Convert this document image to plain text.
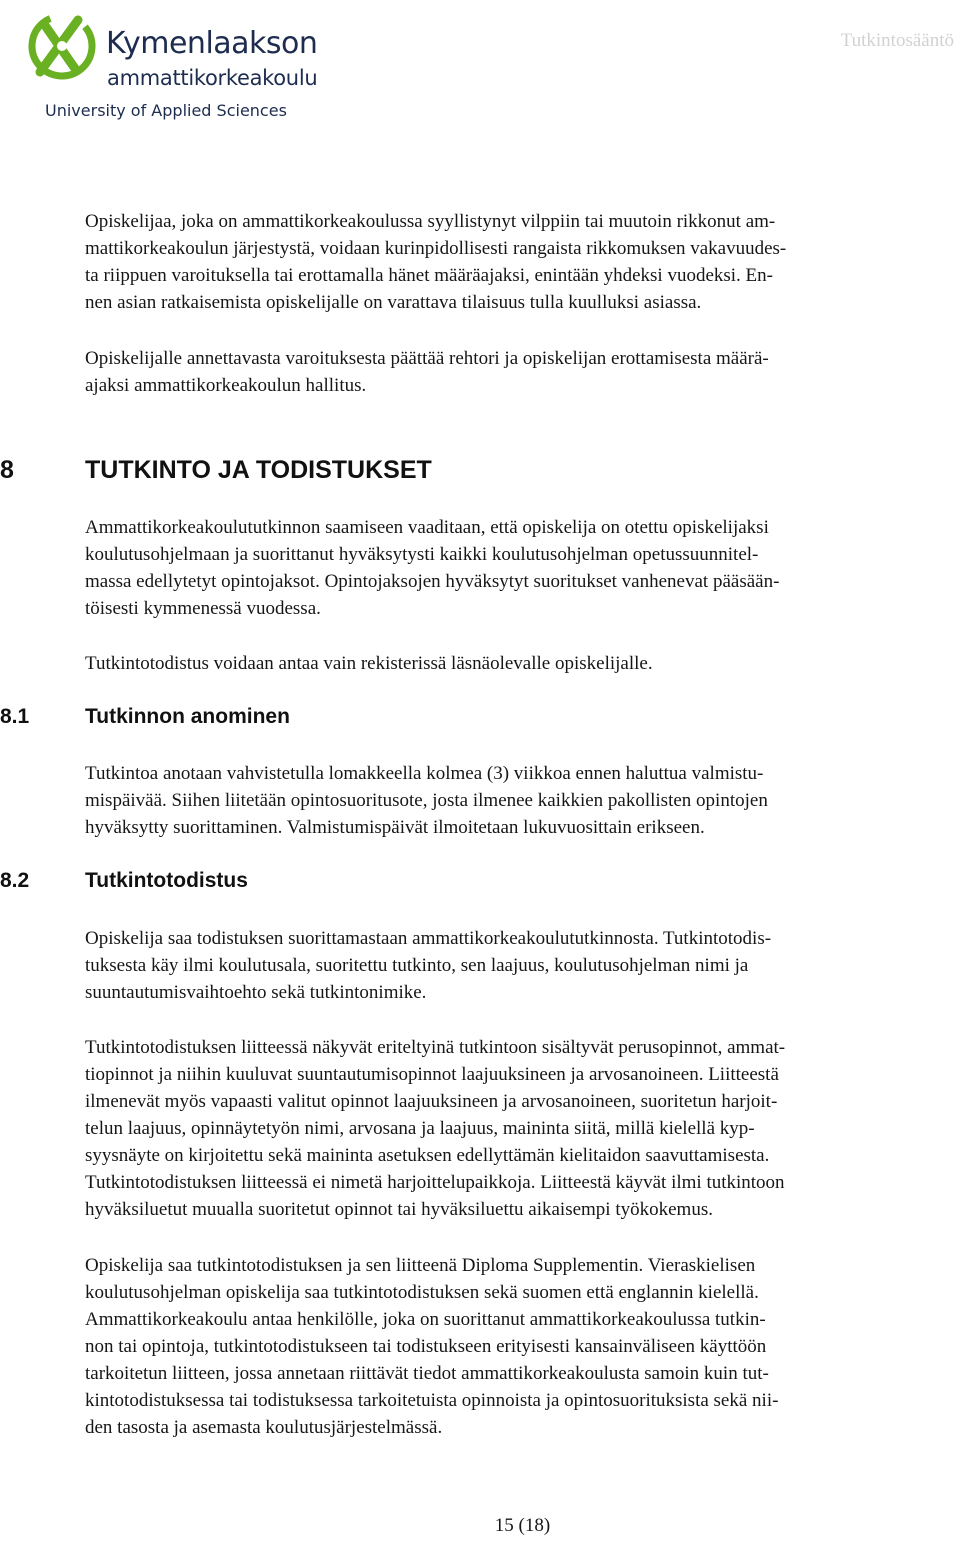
Kymenlaakson
ammattikorkeakoulu
University of Applied Sciences
Tutkintosääntö

Opiskelijaa, joka on ammattikorkeakoulussa syyllistynyt vilppiin tai muutoin rikkonut am-
mattikorkeakoulun järjestystä, voidaan kurinpidollisesti rangaista rikkomuksen vakavuudes-
ta riippuen varoituksella tai erottamalla hänet määräajaksi, enintään yhdeksi vuodeksi. En-
nen asian ratkaisemista opiskelijalle on varattava tilaisuus tulla kuulluksi asiassa.

Opiskelijalle annettavasta varoituksesta päättää rehtori ja opiskelijan erottamisesta määrä-
ajaksi ammattikorkeakoulun hallitus.

8	TUTKINTO JA TODISTUKSET

Ammattikorkeakoulututkinnon saamiseen vaaditaan, että opiskelija on otettu opiskelijaksi
koulutusohjelmaan ja suorittanut hyväksytysti kaikki koulutusohjelman opetussuunnitel-
massa edellytetyt opintojaksot. Opintojaksojen hyväksytyt suoritukset vanhenevat pääsään-
töisesti kymmenessä vuodessa.

Tutkintotodistus voidaan antaa vain rekisterissä läsnäolevalle opiskelijalle.

8.1	Tutkinnon anominen

Tutkintoa anotaan vahvistetulla lomakkeella kolmea (3) viikkoa ennen haluttua valmistu-
mispäivää. Siihen liitetään opintosuoritusote, josta ilmenee kaikkien pakollisten opintojen
hyväksytty suorittaminen. Valmistumispäivät ilmoitetaan lukuvuosittain erikseen.

8.2	Tutkintotodistus

Opiskelija saa todistuksen suorittamastaan ammattikorkeakoulututkinnosta. Tutkintotodis-
tuksesta käy ilmi koulutusala, suoritettu tutkinto, sen laajuus, koulutusohjelman nimi ja
suuntautumisvaihtoehto sekä tutkintonimike.

Tutkintotodistuksen liitteessä näkyvät eriteltyinä tutkintoon sisältyvät perusopinnot, ammat-
tiopinnot ja niihin kuuluvat suuntautumisopinnot laajuuksineen ja arvosanoineen. Liitteestä
ilmenevät myös vapaasti valitut opinnot laajuuksineen ja arvosanoineen, suoritetun harjoit-
telun laajuus, opinnäytetyön nimi, arvosana ja laajuus, maininta siitä, millä kielellä kyp-
syysnäyte on kirjoitettu sekä maininta asetuksen edellyttämän kielitaidon saavuttamisesta.
Tutkintotodistuksen liitteessä ei nimetä harjoittelupaikkoja. Liitteestä käyvät ilmi tutkintoon
hyväksiluetut muualla suoritetut opinnot tai hyväksiluettu aikaisempi työkokemus.

Opiskelija saa tutkintotodistuksen ja sen liitteenä Diploma Supplementin. Vieraskielisen
koulutusohjelman opiskelija saa tutkintotodistuksen sekä suomen että englannin kielellä.
Ammattikorkeakoulu antaa henkilölle, joka on suorittanut ammattikorkeakoulussa tutkin-
non tai opintoja, tutkintotodistukseen tai todistukseen erityisesti kansainväliseen käyttöön
tarkoitetun liitteen, jossa annetaan riittävät tiedot ammattikorkeakoulusta samoin kuin tut-
kintotodistuksessa tai todistuksessa tarkoitetuista opinnoista ja opintosuorituksista sekä nii-
den tasosta ja asemasta koulutusjärjestelmässä.

15 (18)
